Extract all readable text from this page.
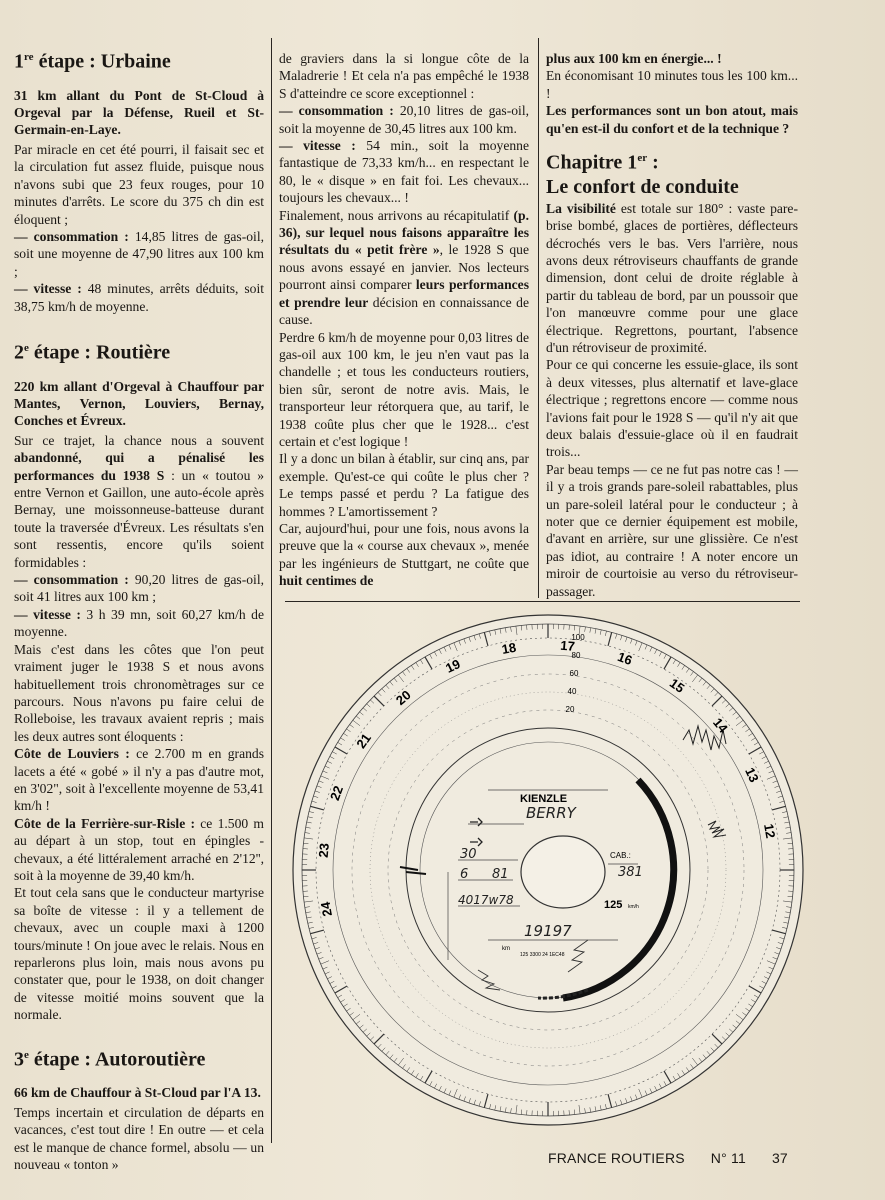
1re étape : Urbaine

31 km allant du Pont de St-Cloud à Orgeval par la Défense, Rueil et St-Germain-en-Laye.

Par miracle en cet été pourri, il faisait sec et la circulation fut assez fluide, puisque nous n'avons subi que 23 feux rouges, pour 10 minutes d'arrêts. Le score du 375 ch din est éloquent ;

— consommation : 14,85 litres de gas-oil, soit une moyenne de 47,90 litres aux 100 km ;

— vitesse : 48 minutes, arrêts déduits, soit 38,75 km/h de moyenne.

2e étape : Routière

220 km allant d'Orgeval à Chauffour par Mantes, Vernon, Louviers, Bernay, Conches et Évreux.

Sur ce trajet, la chance nous a souvent abandonné, qui a pénalisé les performances du 1938 S : un « toutou » entre Vernon et Gaillon, une auto-école après Bernay, une moissonneuse-batteuse durant toute la traversée d'Évreux. Les résultats s'en sont ressentis, encore qu'ils soient formidables :

— consommation : 90,20 litres de gas-oil, soit 41 litres aux 100 km ;

— vitesse : 3 h 39 mn, soit 60,27 km/h de moyenne.

Mais c'est dans les côtes que l'on peut vraiment juger le 1938 S et nous avons habituellement trois chronomètrages sur ce parcours. Nous n'avons pu faire celui de Rolleboise, les travaux avaient repris ; mais les deux autres sont éloquents :

Côte de Louviers : ce 2.700 m en grands lacets a été « gobé » il n'y a pas d'autre mot, en 3'02", soit à l'excellente moyenne de 53,41 km/h !

Côte de la Ferrière-sur-Risle : ce 1.500 m au départ à un stop, tout en épingles - chevaux, a été littéralement arraché en 2'12'', soit à la moyenne de 39,40 km/h.

Et tout cela sans que le conducteur martyrise sa boîte de vitesse : il y a tellement de chevaux, avec un couple maxi à 1200 tours/minute ! On joue avec le relais. Nous en reparlerons plus loin, mais nous avons pu constater que, pour le 1938, on doit changer de vitesse moitié moins souvent que la normale.

3e étape : Autoroutière

66 km de Chauffour à St-Cloud par l'A 13.

Temps incertain et circulation de départs en vacances, c'est tout dire ! En outre — et cela est le manque de chance formel, absolu — un nouveau « tonton »

de graviers dans la si longue côte de la Maladrerie ! Et cela n'a pas empêché le 1938 S d'atteindre ce score exceptionnel :

— consommation : 20,10 litres de gas-oil, soit la moyenne de 30,45 litres aux 100 km.

— vitesse : 54 min., soit la moyenne fantastique de 73,33 km/h... en respectant le 80, le « disque » en fait foi. Les chevaux... toujours les chevaux... !

Finalement, nous arrivons au récapitulatif (p. 36), sur lequel nous faisons apparaître les résultats du « petit frère », le 1928 S que nous avons essayé en janvier. Nos lecteurs pourront ainsi comparer leurs performances et prendre leur décision en connaissance de cause.

Perdre 6 km/h de moyenne pour 0,03 litres de gas-oil aux 100 km, le jeu n'en vaut pas la chandelle ; et tous les conducteurs routiers, bien sûr, seront de notre avis. Mais, le transporteur leur rétorquera que, au tarif, le 1938 coûte plus cher que le 1928... c'est certain et c'est logique !

Il y a donc un bilan à établir, sur cinq ans, par exemple. Qu'est-ce qui coûte le plus cher ? Le temps passé et perdu ? La fatigue des hommes ? L'amortissement ?

Car, aujourd'hui, pour une fois, nous avons la preuve que la « course aux chevaux », menée par les ingénieurs de Stuttgart, ne coûte que huit centimes de

plus aux 100 km en énergie... !

En économisant 10 minutes tous les 100 km... !

Les performances sont un bon atout, mais qu'en est-il du confort et de la technique ?

Chapitre 1er :
Le confort de conduite

La visibilité est totale sur 180° : vaste pare-brise bombé, glaces de portières, déflecteurs décrochés vers le bas. Vers l'arrière, nous avons deux rétroviseurs chauffants de grande dimension, dont celui de droite réglable à partir du tableau de bord, par un poussoir que l'on manœuvre comme pour une glace électrique. Regrettons, pourtant, l'absence d'un rétroviseur de proximité.

Pour ce qui concerne les essuie-glace, ils sont à deux vitesses, plus alternatif et lave-glace électrique ; regrettons encore — comme nous l'avions fait pour le 1928 S — qu'il n'y ait que deux balais d'essuie-glace où il en faudrait trois...

Par beau temps — ce ne fut pas notre cas ! — il y a trois grands pare-soleil rabattables, plus un pare-soleil latéral pour le conducteur ; à noter que ce dernier équipement est mobile, d'avant en arrière, sur une glissière. Ce n'est pas idiot, au contraire ! A noter encore un miroir de courtoisie au verso du rétroviseur-passager.

24
23
22
21
20
19
18	17
16
15
14
13
12
100
80
60
40
20
KIENZLE
BERRY
CAB.:
381
30
6 81
4017w78
19197
km
125 km/h
125 3300 24 1EC48
FRANCE ROUTIERS N° 11 37
